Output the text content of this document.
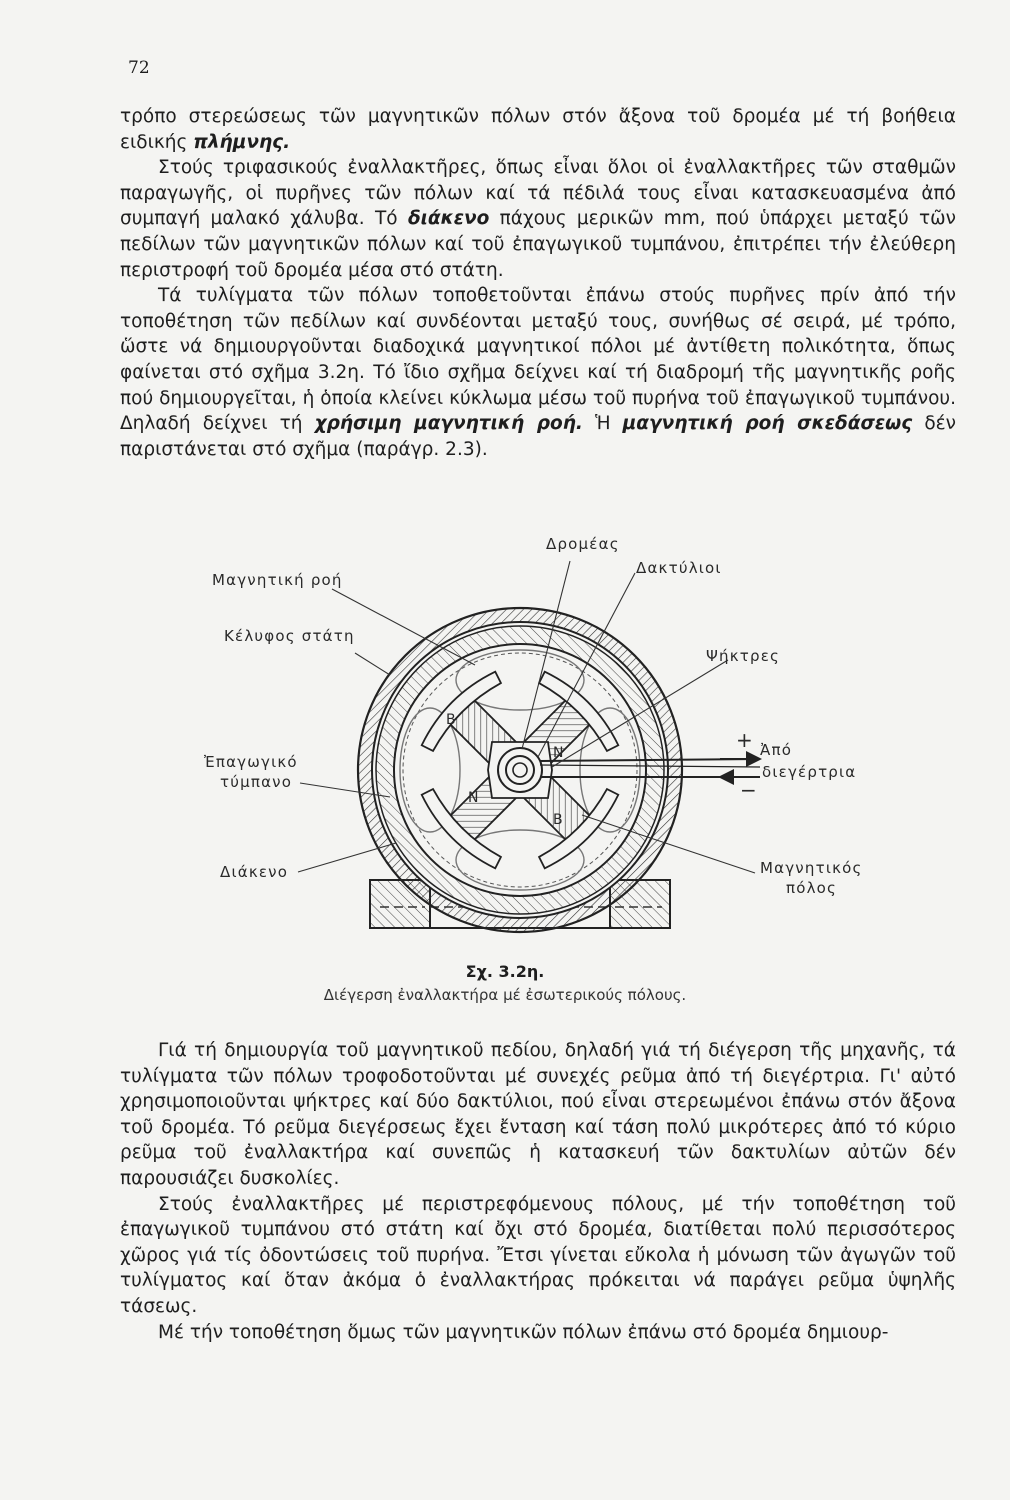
72

τρόπο στερεώσεως τῶν μαγνητικῶν πόλων στόν ἄξονα τοῦ δρομέα μέ τή βοήθεια ειδικής πλήμνης.

Στούς τριφασικούς ἐναλλακτῆρες, ὅπως εἶναι ὅλοι οἱ ἐναλλακτῆρες τῶν σταθμῶν παραγωγῆς, οἱ πυρῆνες τῶν πόλων καί τά πέδιλά τους εἶναι κατασκευασμένα ἀπό συμπαγή μαλακό χάλυβα. Τό διάκενο πάχους μερικῶν mm, πού ὑπάρχει μεταξύ τῶν πεδίλων τῶν μαγνητικῶν πόλων καί τοῦ ἐπαγωγικοῦ τυμπάνου, ἐπιτρέπει τήν ἐλεύθερη περιστροφή τοῦ δρομέα μέσα στό στάτη.

Τά τυλίγματα τῶν πόλων τοποθετοῦνται ἐπάνω στούς πυρῆνες πρίν ἀπό τήν τοποθέτηση τῶν πεδίλων καί συνδέονται μεταξύ τους, συνήθως σέ σειρά, μέ τρόπο, ὥστε νά δημιουργοῦνται διαδοχικά μαγνητικοί πόλοι μέ ἀντίθετη πολικότητα, ὅπως φαίνεται στό σχῆμα 3.2η. Τό ἴδιο σχῆμα δείχνει καί τή διαδρομή τῆς μαγνητικῆς ροῆς πού δημιουργεῖται, ἡ ὁποία κλείνει κύκλωμα μέσω τοῦ πυρήνα τοῦ ἐπαγωγικοῦ τυμπάνου. Δηλαδή δείχνει τή χρήσιμη μαγνητική ροή. Ἡ μαγνητική ροή σκεδάσεως δέν παριστάνεται στό σχῆμα (παράγρ. 2.3).

B
N
N
B
Δρομέας
Δακτύλιοι
Μαγνητική ροή
Κέλυφος στάτη
Ψήκτρες
Ἐπαγωγικό
τύμπανο
+ Ἀπό
διεγέρτρια
−
Διάκενο	Μαγνητικός
πόλος
Σχ. 3.2η.
Διέγερση ἐναλλακτήρα μέ ἐσωτερικούς πόλους.

Γιά τή δημιουργία τοῦ μαγνητικοῦ πεδίου, δηλαδή γιά τή διέγερση τῆς μηχανῆς, τά τυλίγματα τῶν πόλων τροφοδοτοῦνται μέ συνεχές ρεῦμα ἀπό τή διεγέρτρια. Γι' αὐτό χρησιμοποιοῦνται ψήκτρες καί δύο δακτύλιοι, πού εἶναι στερεωμένοι ἐπάνω στόν ἄξονα τοῦ δρομέα. Τό ρεῦμα διεγέρσεως ἔχει ἔνταση καί τάση πολύ μικρότερες ἀπό τό κύριο ρεῦμα τοῦ ἐναλλακτήρα καί συνεπῶς ἡ κατασκευή τῶν δακτυλίων αὐτῶν δέν παρουσιάζει δυσκολίες.

Στούς ἐναλλακτῆρες μέ περιστρεφόμενους πόλους, μέ τήν τοποθέτηση τοῦ ἐπαγωγικοῦ τυμπάνου στό στάτη καί ὄχι στό δρομέα, διατίθεται πολύ περισσότερος χῶρος γιά τίς ὀδοντώσεις τοῦ πυρήνα. Ἔτσι γίνεται εὔκολα ἡ μόνωση τῶν ἀγωγῶν τοῦ τυλίγματος καί ὅταν ἀκόμα ὁ ἐναλλακτήρας πρόκειται νά παράγει ρεῦμα ὑψηλῆς τάσεως.

Μέ τήν τοποθέτηση ὅμως τῶν μαγνητικῶν πόλων ἐπάνω στό δρομέα δημιουρ-
